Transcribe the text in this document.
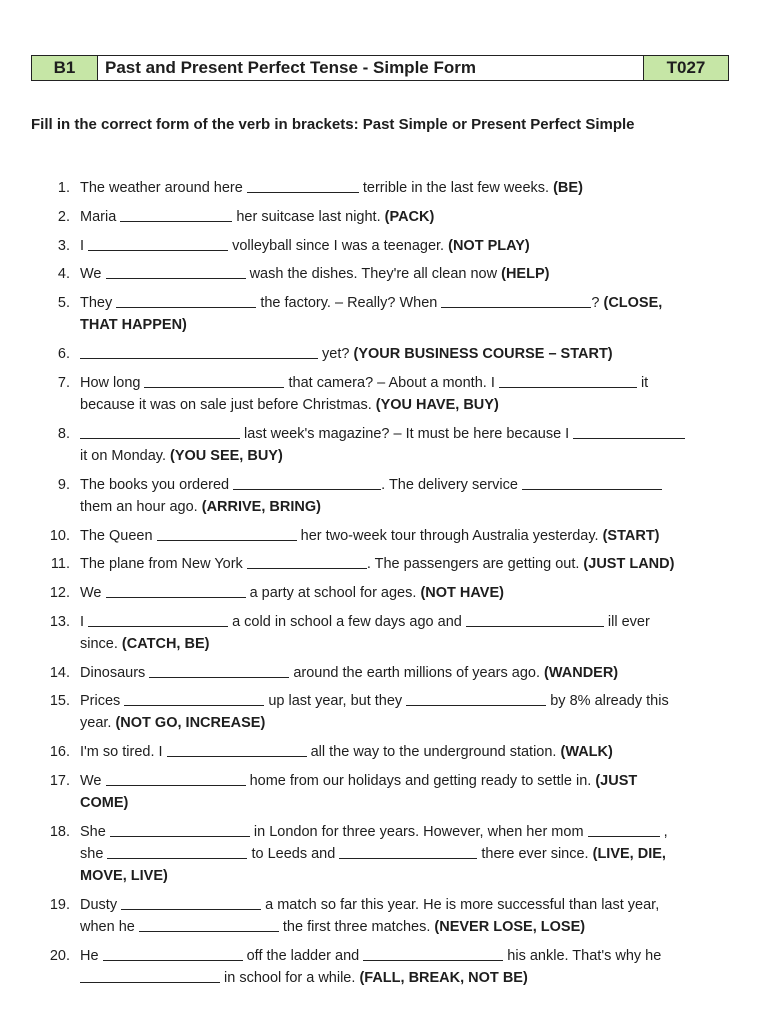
B1	Past and Present Perfect Tense - Simple Form	T027
Fill in the correct form of the verb in brackets: Past Simple or Present Perfect Simple
1. The weather around here	terrible in the last few weeks. (BE)
2. Maria	her suitcase last night. (PACK)
3. I	volleyball since I was a teenager. (NOT PLAY)
4. We	wash the dishes. They're all clean now (HELP)
5. They	the factory. – Really? When	? (CLOSE,
THAT HAPPEN)
6.	yet? (YOUR BUSINESS COURSE – START)
7. How long	that camera? – About a month. I	it
because it was on sale just before Christmas. (YOU HAVE, BUY)
8.	last week's magazine? – It must be here because I
it on Monday. (YOU SEE, BUY)
9. The books you ordered	. The delivery service
them an hour ago. (ARRIVE, BRING)
10. The Queen	her two-week tour through Australia yesterday. (START)
11. The plane from New York	. The passengers are getting out. (JUST LAND)
12. We	a party at school for ages. (NOT HAVE)
13. I	a cold in school a few days ago and	ill ever
since. (CATCH, BE)
14. Dinosaurs	around the earth millions of years ago. (WANDER)
15. Prices	up last year, but they	by 8% already this
year. (NOT GO, INCREASE)
16. I'm so tired. I	all the way to the underground station. (WALK)
17. We	home from our holidays and getting ready to settle in. (JUST
COME)
18. She	in London for three years. However, when her mom	,
she	to Leeds and	there ever since. (LIVE, DIE,
MOVE, LIVE)
19. Dusty	a match so far this year. He is more successful than last year,
when he	the first three matches. (NEVER LOSE, LOSE)
20. He	off the ladder and	his ankle. That's why he
in school for a while. (FALL, BREAK, NOT BE)
